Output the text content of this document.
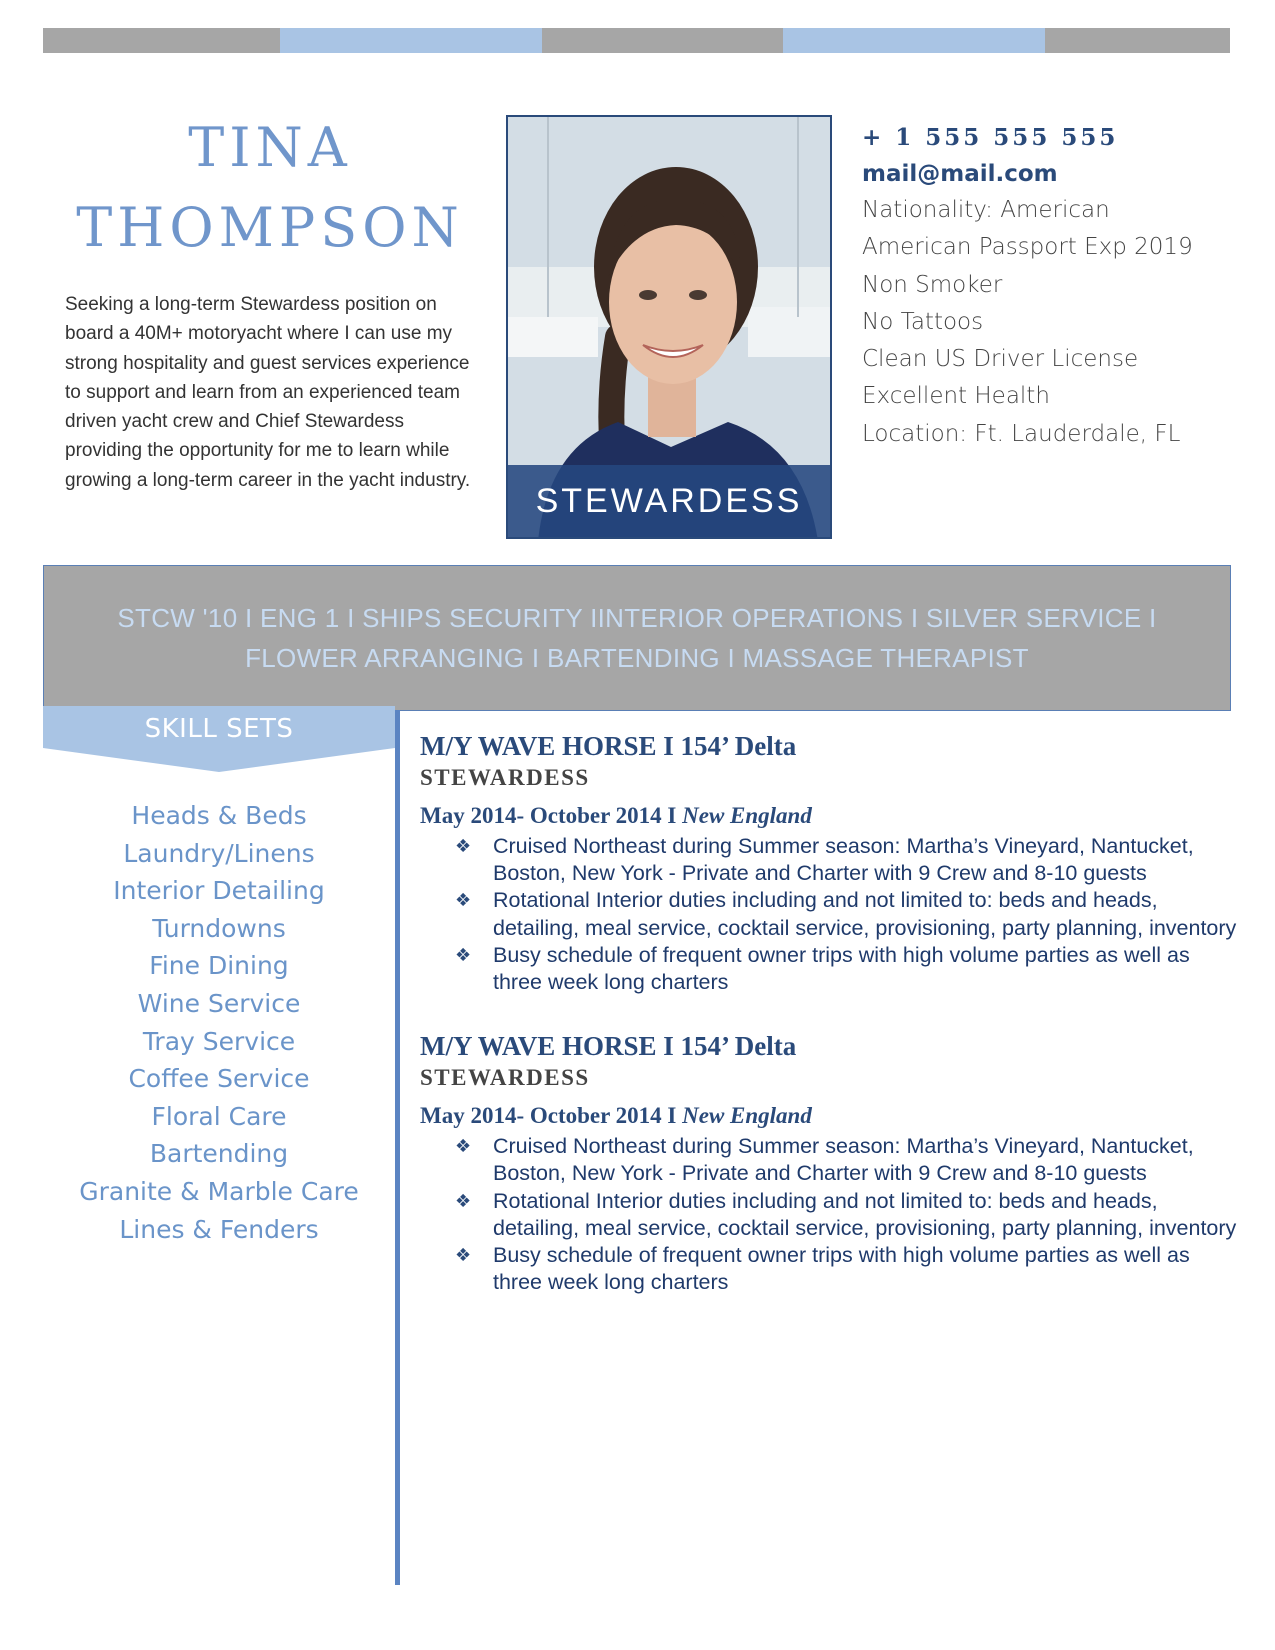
TINA
THOMPSON

Seeking a long-term Stewardess position on board a 40M+ motoryacht where I can use my strong hospitality and guest services experience to support and learn from an experienced team driven yacht crew and Chief Stewardess providing the opportunity for me to learn while growing a long-term career in the yacht industry.

STEWARDESS
+ 1 555 555 555
mail@mail.com
Nationality: American
American Passport Exp 2019
Non Smoker
No Tattoos
Clean US Driver License
Excellent Health
Location: Ft. Lauderdale, FL
STCW '10 I ENG 1 I SHIPS SECURITY IINTERIOR OPERATIONS I SILVER SERVICE I
FLOWER ARRANGING I BARTENDING I MASSAGE THERAPIST
SKILL SETS
Heads & Beds
Laundry/Linens
Interior Detailing
Turndowns
Fine Dining
Wine Service
Tray Service
Coffee Service
Floral Care
Bartending
Granite & Marble Care
Lines & Fenders
M/Y WAVE HORSE I 154’ Delta
STEWARDESS
May 2014- October 2014 I New England
❖ Cruised Northeast during Summer season: Martha’s Vineyard, Nantucket, Boston, New York - Private and Charter with 9 Crew and 8-10 guests
❖ Rotational Interior duties including and not limited to: beds and heads, detailing, meal service, cocktail service, provisioning, party planning, inventory
❖ Busy schedule of frequent owner trips with high volume parties as well as three week long charters
M/Y WAVE HORSE I 154’ Delta
STEWARDESS
May 2014- October 2014 I New England
❖ Cruised Northeast during Summer season: Martha’s Vineyard, Nantucket, Boston, New York - Private and Charter with 9 Crew and 8-10 guests
❖ Rotational Interior duties including and not limited to: beds and heads, detailing, meal service, cocktail service, provisioning, party planning, inventory
❖ Busy schedule of frequent owner trips with high volume parties as well as three week long charters
